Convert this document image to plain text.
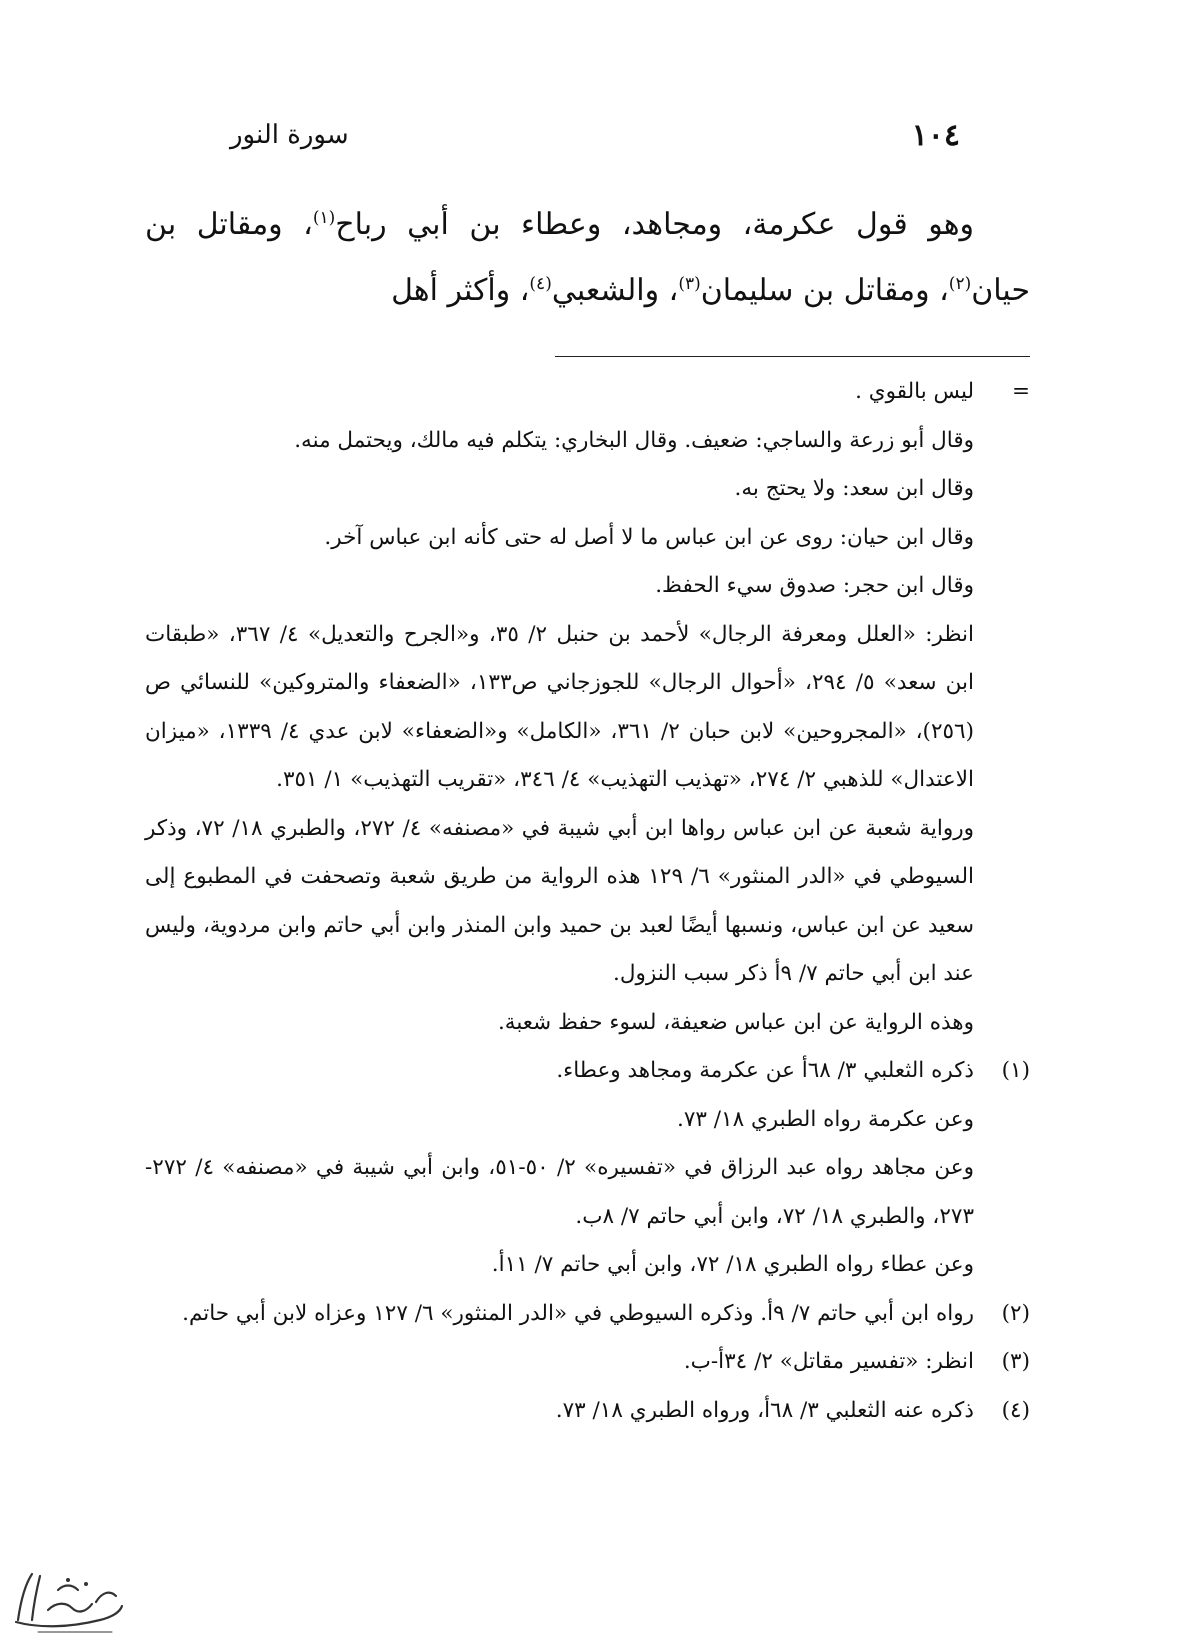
١٠٤
سورة النور

وهو قول عكرمة، ومجاهد، وعطاء بن أبي رباح$^{(١)}$، ومقاتل بن حيان$^{(٢)}$، ومقاتل بن سليمان$^{(٣)}$، والشعبي$^{(٤)}$، وأكثر أهل

=

ليس بالقوي .

وقال أبو زرعة والساجي: ضعيف. وقال البخاري: يتكلم فيه مالك، ويحتمل منه.

وقال ابن سعد: ولا يحتج به.

وقال ابن حيان: روى عن ابن عباس ما لا أصل له حتى كأنه ابن عباس آخر.

وقال ابن حجر: صدوق سيء الحفظ.

انظر: «العلل ومعرفة الرجال» لأحمد بن حنبل ٢/ ٣٥، و«الجرح والتعديل» ٤/ ٣٦٧، «طبقات ابن سعد» ٥/ ٢٩٤، «أحوال الرجال» للجوزجاني ص١٣٣، «الضعفاء والمتروكين» للنسائي ص (٢٥٦)، «المجروحين» لابن حبان ٢/ ٣٦١، «الكامل» و«الضعفاء» لابن عدي ٤/ ١٣٣٩، «ميزان الاعتدال» للذهبي ٢/ ٢٧٤، «تهذيب التهذيب» ٤/ ٣٤٦، «تقريب التهذيب» ١/ ٣٥١.

ورواية شعبة عن ابن عباس رواها ابن أبي شيبة في «مصنفه» ٤/ ٢٧٢، والطبري ١٨/ ٧٢، وذكر السيوطي في «الدر المنثور» ٦/ ١٢٩ هذه الرواية من طريق شعبة وتصحفت في المطبوع إلى سعيد عن ابن عباس، ونسبها أيضًا لعبد بن حميد وابن المنذر وابن أبي حاتم وابن مردوية، وليس عند ابن أبي حاتم ٧/ ٩أ ذكر سبب النزول.

وهذه الرواية عن ابن عباس ضعيفة، لسوء حفظ شعبة.

(١)

ذكره الثعلبي ٣/ ٦٨أ عن عكرمة ومجاهد وعطاء.

وعن عكرمة رواه الطبري ١٨/ ٧٣.

وعن مجاهد رواه عبد الرزاق في «تفسيره» ٢/ ٥٠-٥١، وابن أبي شيبة في «مصنفه» ٤/ ٢٧٢- ٢٧٣، والطبري ١٨/ ٧٢، وابن أبي حاتم ٧/ ٨ب.

وعن عطاء رواه الطبري ١٨/ ٧٢، وابن أبي حاتم ٧/ ١١أ.

(٢)

رواه ابن أبي حاتم ٧/ ٩أ. وذكره السيوطي في «الدر المنثور» ٦/ ١٢٧ وعزاه لابن أبي حاتم.

(٣)

انظر: «تفسير مقاتل» ٢/ ٣٤أ-ب.

(٤)

ذكره عنه الثعلبي ٣/ ٦٨أ، ورواه الطبري ١٨/ ٧٣.
